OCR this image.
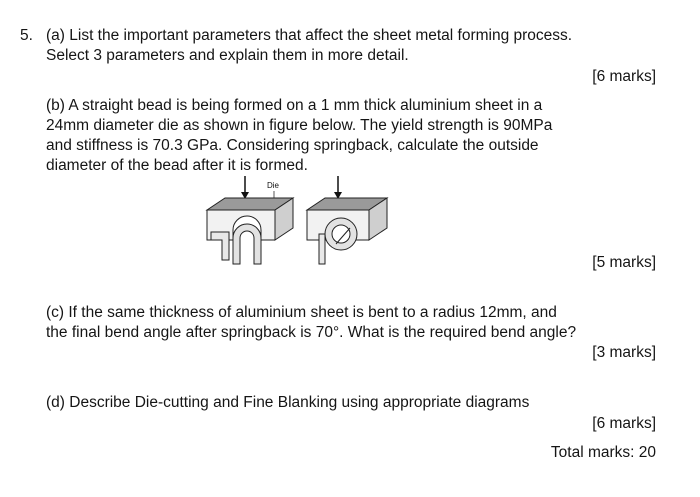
5. (a) List the important parameters that affect the sheet metal forming process.
Select 3 parameters and explain them in more detail.
[6 marks]
(b) A straight bead is being formed on a 1 mm thick aluminium sheet in a
24mm diameter die as shown in figure below. The yield strength is 90MPa
and stiffness is 70.3 GPa. Considering springback, calculate the outside
diameter of the bead after it is formed.
Die
[5 marks]
(c) If the same thickness of aluminium sheet is bent to a radius 12mm, and
the final bend angle after springback is 70°. What is the required bend angle?
[3 marks]
(d) Describe Die-cutting and Fine Blanking using appropriate diagrams
[6 marks]
Total marks: 20
